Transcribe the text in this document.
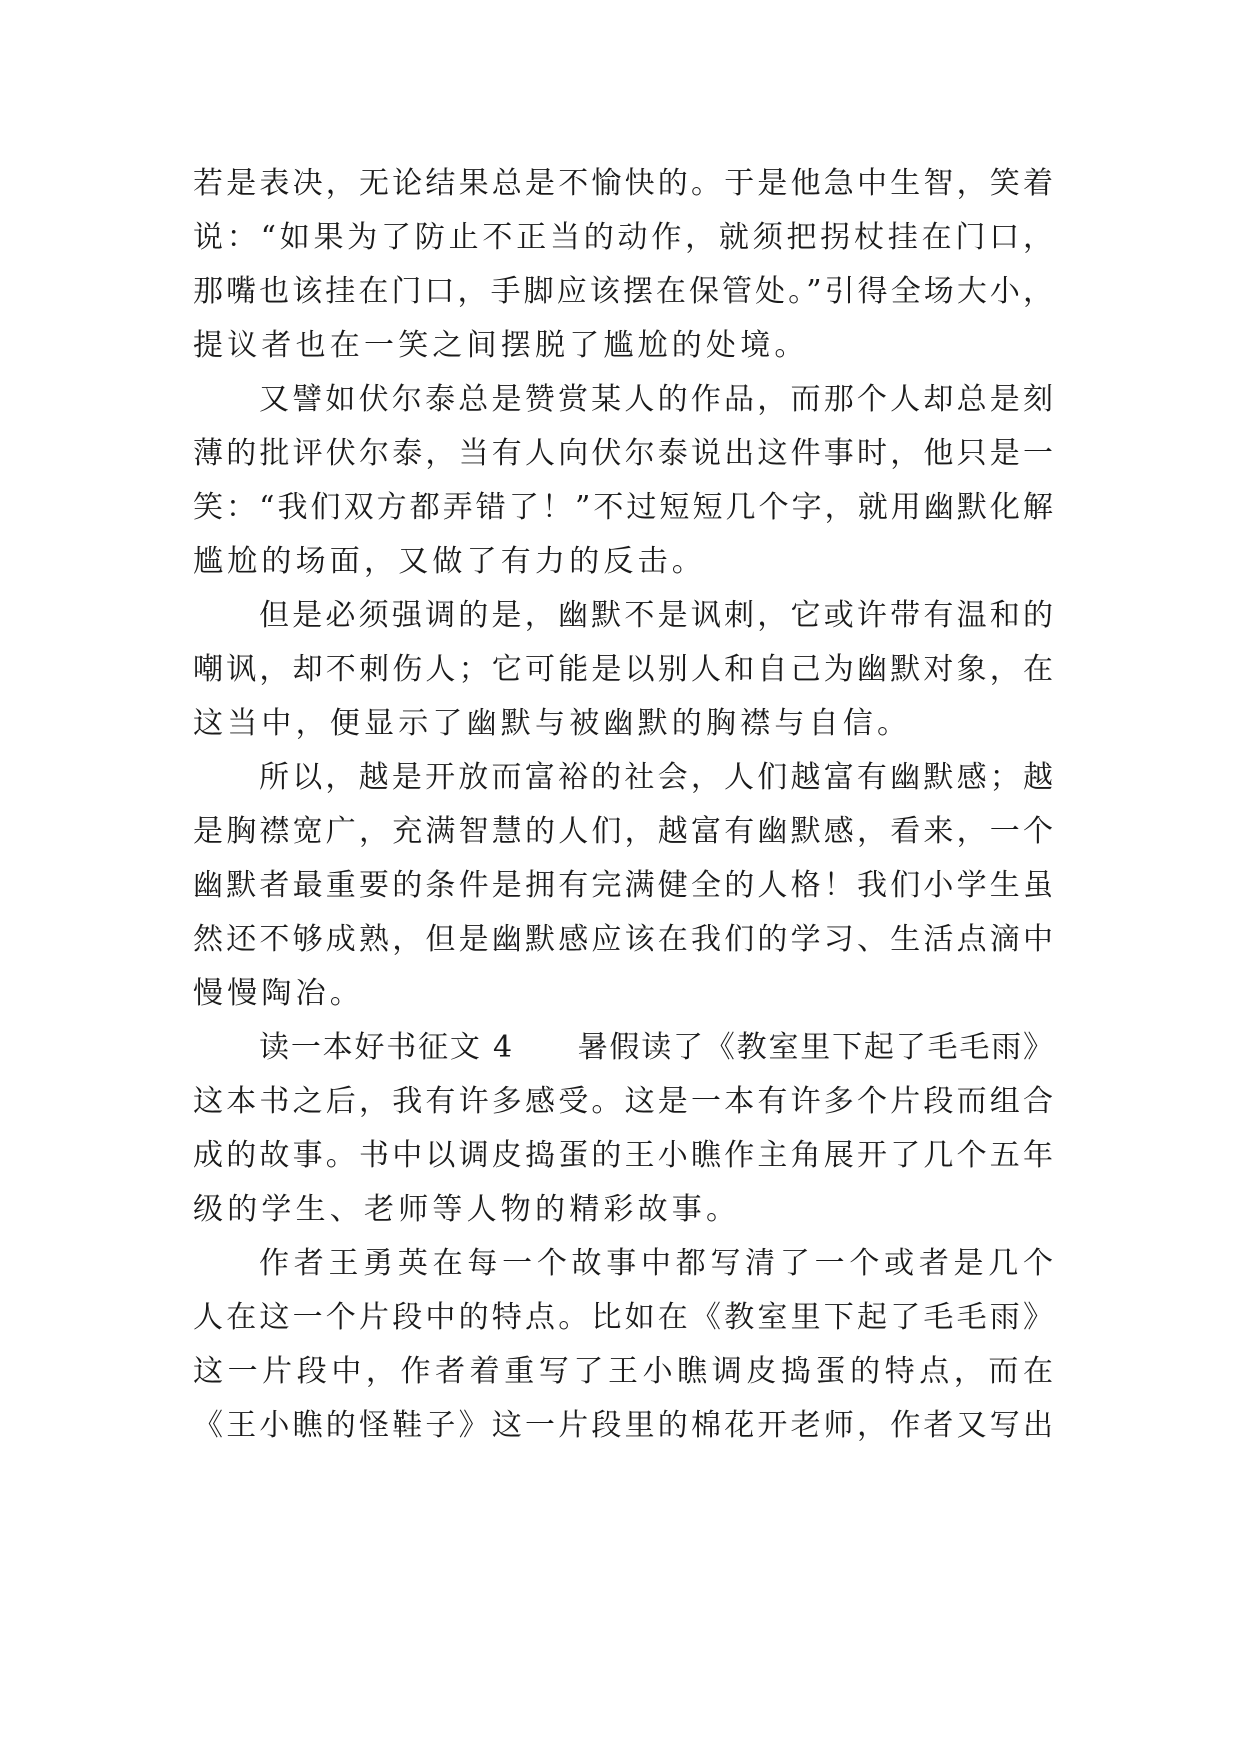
若是表决，无论结果总是不愉快的。于是他急中生智，笑着
说：“如果为了防止不正当的动作，就须把拐杖挂在门口，
那嘴也该挂在门口，手脚应该摆在保管处。”引得全场大小，
提议者也在一笑之间摆脱了尴尬的处境。
又譬如伏尔泰总是赞赏某人的作品，而那个人却总是刻
薄的批评伏尔泰，当有人向伏尔泰说出这件事时，他只是一
笑：“我们双方都弄错了！”不过短短几个字，就用幽默化解
尴尬的场面，又做了有力的反击。
但是必须强调的是，幽默不是讽刺，它或许带有温和的
嘲讽，却不刺伤人；它可能是以别人和自己为幽默对象，在
这当中，便显示了幽默与被幽默的胸襟与自信。
所以，越是开放而富裕的社会，人们越富有幽默感；越
是胸襟宽广，充满智慧的人们，越富有幽默感，看来，一个
幽默者最重要的条件是拥有完满健全的人格！我们小学生虽
然还不够成熟，但是幽默感应该在我们的学习、生活点滴中
慢慢陶冶。
读一本好书征文 4　　暑假读了《教室里下起了毛毛雨》
这本书之后，我有许多感受。这是一本有许多个片段而组合
成的故事。书中以调皮捣蛋的王小瞧作主角展开了几个五年
级的学生、老师等人物的精彩故事。
作者王勇英在每一个故事中都写清了一个或者是几个
人在这一个片段中的特点。比如在《教室里下起了毛毛雨》
这一片段中，作者着重写了王小瞧调皮捣蛋的特点，而在
《王小瞧的怪鞋子》这一片段里的棉花开老师，作者又写出
